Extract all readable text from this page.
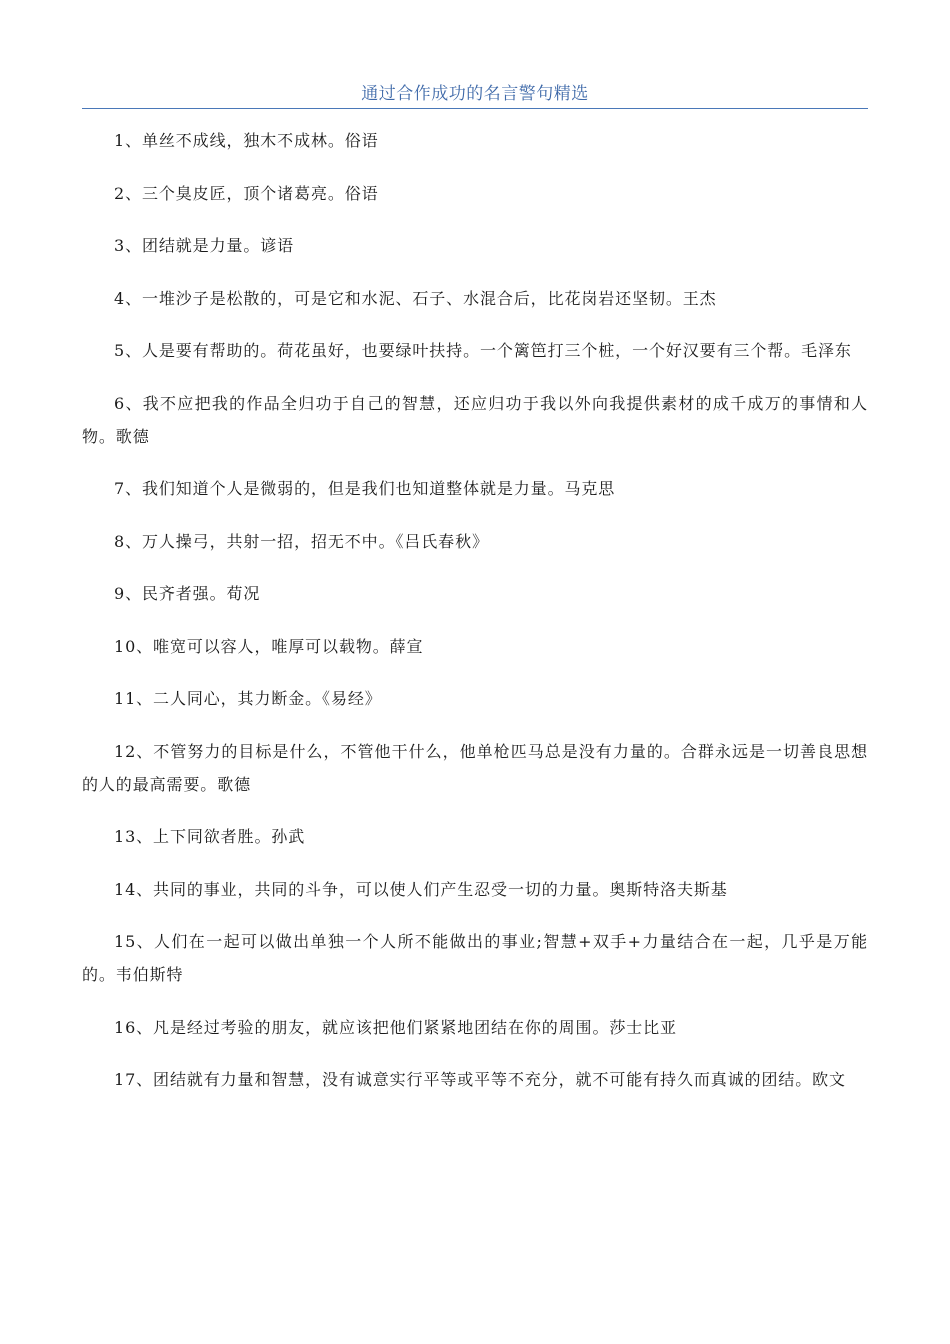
通过合作成功的名言警句精选
1、单丝不成线，独木不成林。俗语
2、三个臭皮匠，顶个诸葛亮。俗语
3、团结就是力量。谚语
4、一堆沙子是松散的，可是它和水泥、石子、水混合后，比花岗岩还坚韧。王杰
5、人是要有帮助的。荷花虽好，也要绿叶扶持。一个篱笆打三个桩，一个好汉要有三个帮。毛泽东
6、我不应把我的作品全归功于自己的智慧，还应归功于我以外向我提供素材的成千成万的事情和人物。歌德
7、我们知道个人是微弱的，但是我们也知道整体就是力量。马克思
8、万人操弓，共射一招，招无不中。《吕氏春秋》
9、民齐者强。荀况
10、唯宽可以容人，唯厚可以载物。薛宣
11、二人同心，其力断金。《易经》
12、不管努力的目标是什么，不管他干什么，他单枪匹马总是没有力量的。合群永远是一切善良思想的人的最高需要。歌德
13、上下同欲者胜。孙武
14、共同的事业，共同的斗争，可以使人们产生忍受一切的力量。奥斯特洛夫斯基
15、人们在一起可以做出单独一个人所不能做出的事业;智慧+双手+力量结合在一起，几乎是万能的。韦伯斯特
16、凡是经过考验的朋友，就应该把他们紧紧地团结在你的周围。莎士比亚
17、团结就有力量和智慧，没有诚意实行平等或平等不充分，就不可能有持久而真诚的团结。欧文
